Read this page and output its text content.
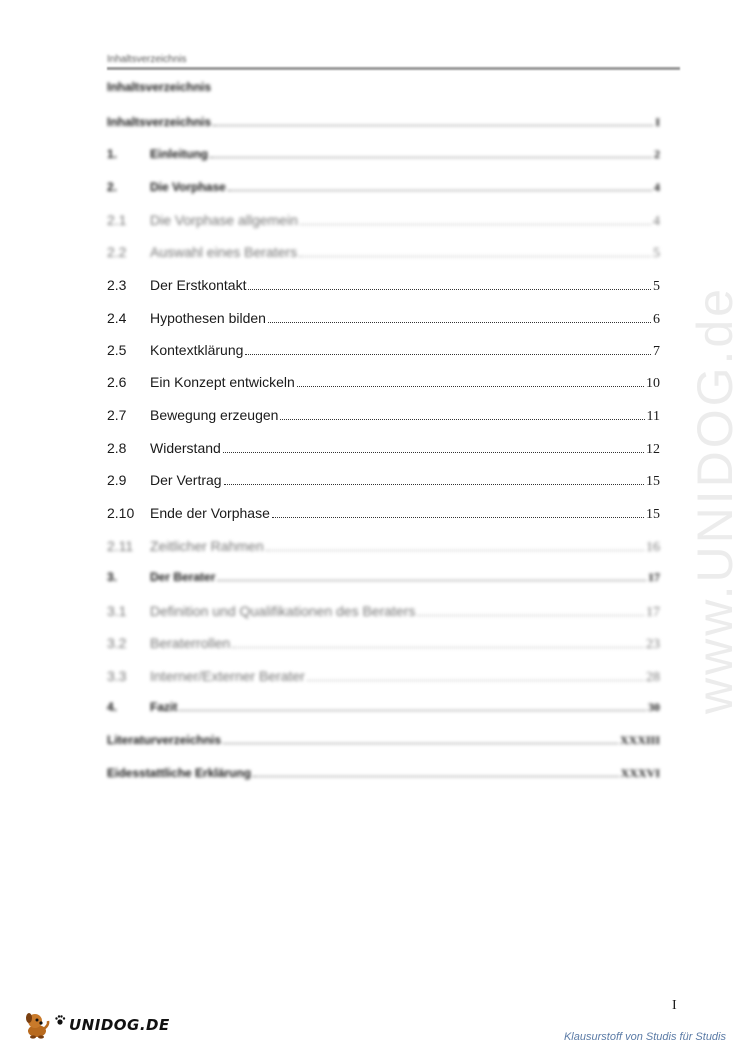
Inhaltsverzeichnis
Inhaltsverzeichnis
Inhaltsverzeichnis	I
1.	Einleitung	2
2.	Die Vorphase	4
2.1	Die Vorphase allgemein	4
2.2	Auswahl eines Beraters	5
2.3	Der Erstkontakt	5
2.4	Hypothesen bilden	6
2.5	Kontextklärung	7
2.6	Ein Konzept entwickeln	10
2.7	Bewegung erzeugen	11
2.8	Widerstand	12
2.9	Der Vertrag	15
2.10	Ende der Vorphase	15
2.11	Zeitlicher Rahmen	16
3.	Der Berater	17
3.1	Definition und Qualifikationen des Beraters	17
3.2	Beraterrollen	23
3.3	Interner/Externer Berater	28
4.	Fazit	30
Literaturverzeichnis	XXXIII
Eidesstattliche Erklärung	XXXVI
www.UNIDOG.de
I
UNIDOG.DE
Klausurstoff von Studis für Studis
